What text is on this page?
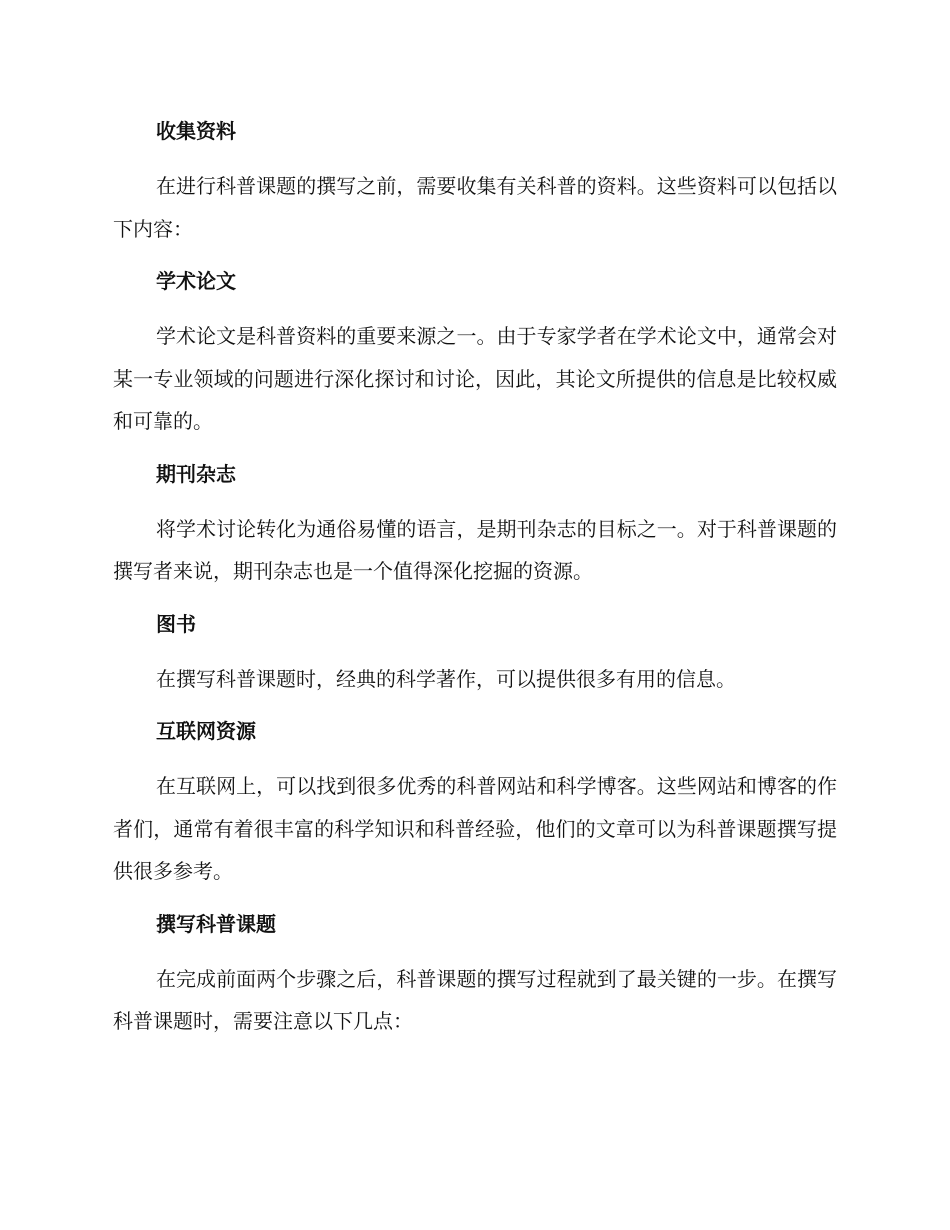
收集资料

在进行科普课题的撰写之前，需要收集有关科普的资料。这些资料可以包括以下内容：

学术论文

学术论文是科普资料的重要来源之一。由于专家学者在学术论文中，通常会对某一专业领域的问题进行深化探讨和讨论，因此，其论文所提供的信息是比较权威和可靠的。

期刊杂志

将学术讨论转化为通俗易懂的语言，是期刊杂志的目标之一。对于科普课题的撰写者来说，期刊杂志也是一个值得深化挖掘的资源。

图书

在撰写科普课题时，经典的科学著作，可以提供很多有用的信息。

互联网资源

在互联网上，可以找到很多优秀的科普网站和科学博客。这些网站和博客的作者们，通常有着很丰富的科学知识和科普经验，他们的文章可以为科普课题撰写提供很多参考。

撰写科普课题

在完成前面两个步骤之后，科普课题的撰写过程就到了最关键的一步。在撰写科普课题时，需要注意以下几点：
